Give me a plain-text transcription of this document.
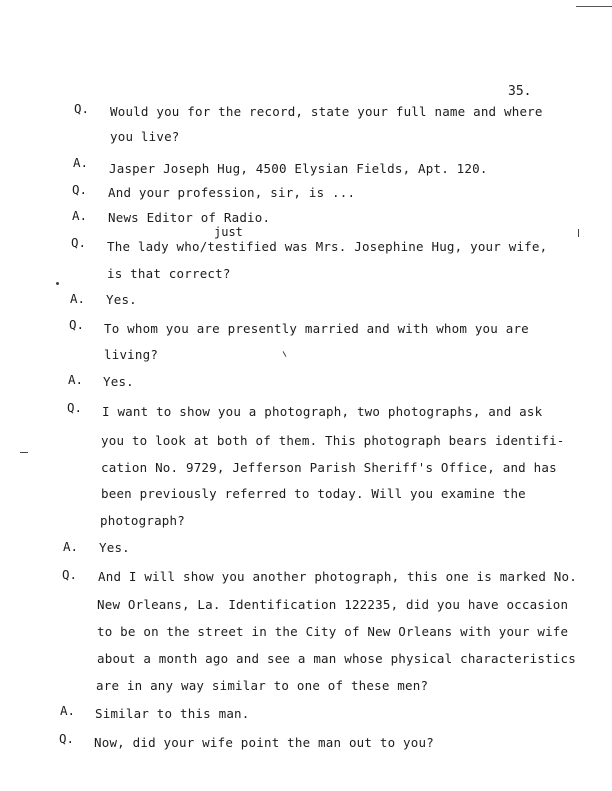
35.
Q. Would you for the record, state your full name and where
you live?
A. Jasper Joseph Hug, 4500 Elysian Fields, Apt. 120.
Q. And your profession, sir, is ...
A. News Editor of Radio.
just
Q. The lady who/testified was Mrs. Josephine Hug, your wife,
is that correct?
A. Yes.
Q. To whom you are presently married and with whom you are
living?
A. Yes.
Q. I want to show you a photograph, two photographs, and ask
you to look at both of them. This photograph bears identifi-
cation No. 9729, Jefferson Parish Sheriff's Office, and has
been previously referred to today. Will you examine the
photograph?
A. Yes.
Q. And I will show you another photograph, this one is marked No.
New Orleans, La. Identification 122235, did you have occasion
to be on the street in the City of New Orleans with your wife
about a month ago and see a man whose physical characteristics
are in any way similar to one of these men?
A. Similar to this man.
Q. Now, did your wife point the man out to you?
